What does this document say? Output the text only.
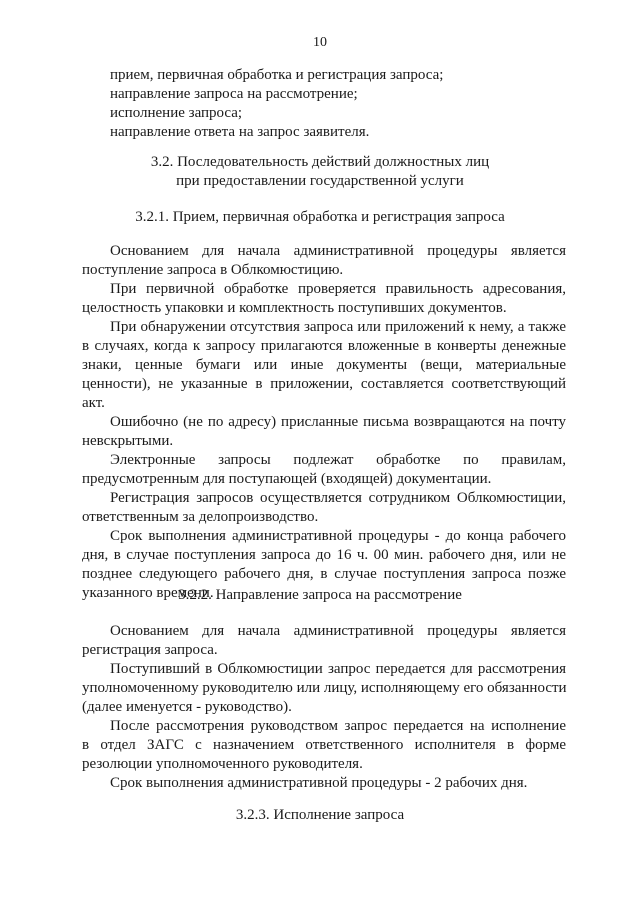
10
прием, первичная обработка и регистрация запроса;
направление запроса на рассмотрение;
исполнение запроса;
направление ответа на запрос заявителя.
3.2. Последовательность действий должностных лиц
при предоставлении государственной услуги
3.2.1. Прием, первичная обработка и регистрация запроса
Основанием для начала административной процедуры является
поступление запроса в Облкомюстицию.
При первичной обработке проверяется правильность адресования,
целостность упаковки и комплектность поступивших документов.
При обнаружении отсутствия запроса или приложений к нему, а также
в случаях, когда к запросу прилагаются вложенные в конверты денежные
знаки, ценные бумаги или иные документы (вещи, материальные
ценности), не указанные в приложении, составляется соответствующий
акт.
Ошибочно (не по адресу) присланные письма возвращаются на почту
невскрытыми.
Электронные запросы подлежат обработке по правилам,
предусмотренным для поступающей (входящей) документации.
Регистрация запросов осуществляется сотрудником Облкомюстиции,
ответственным за делопроизводство.
Срок выполнения административной процедуры - до конца рабочего
дня, в случае поступления запроса до 16 ч. 00 мин. рабочего дня, или не
позднее следующего рабочего дня, в случае поступления запроса позже
указанного времени.
3.2.2. Направление запроса на рассмотрение
Основанием для начала административной процедуры является
регистрация запроса.
Поступивший в Облкомюстиции запрос передается для рассмотрения
уполномоченному руководителю или лицу, исполняющему его обязанности
(далее именуется - руководство).
После рассмотрения руководством запрос передается на исполнение
в отдел ЗАГС с назначением ответственного исполнителя в форме
резолюции уполномоченного руководителя.
Срок выполнения административной процедуры - 2 рабочих дня.
3.2.3. Исполнение запроса
